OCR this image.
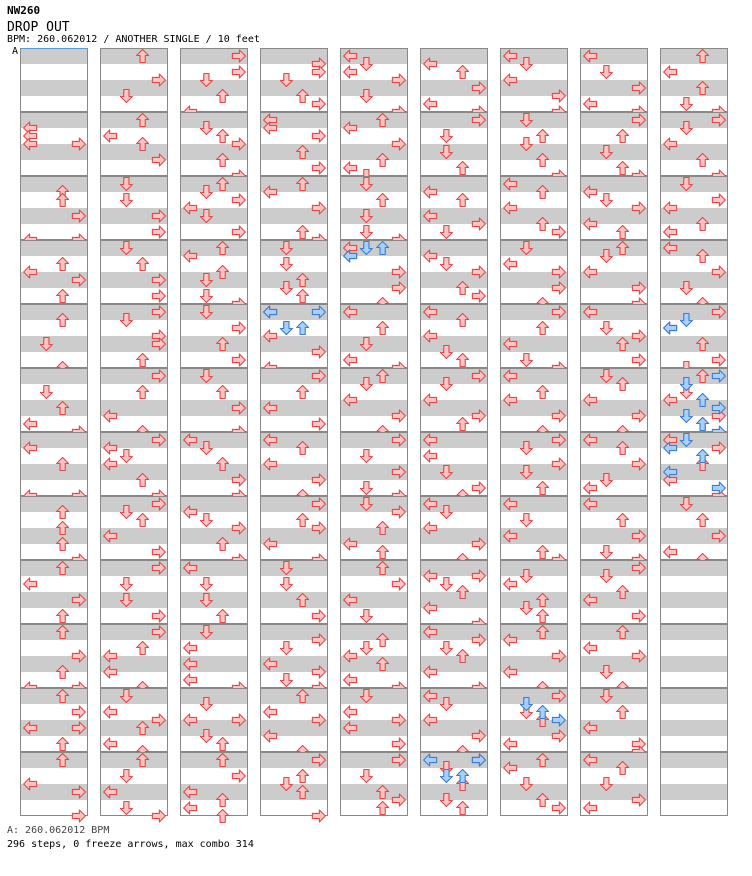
NW260
DROP OUT
BPM: 260.062012 / ANOTHER SINGLE / 10 feet
A
A: 260.062012 BPM
296 steps, 0 freeze arrows, max combo 314
